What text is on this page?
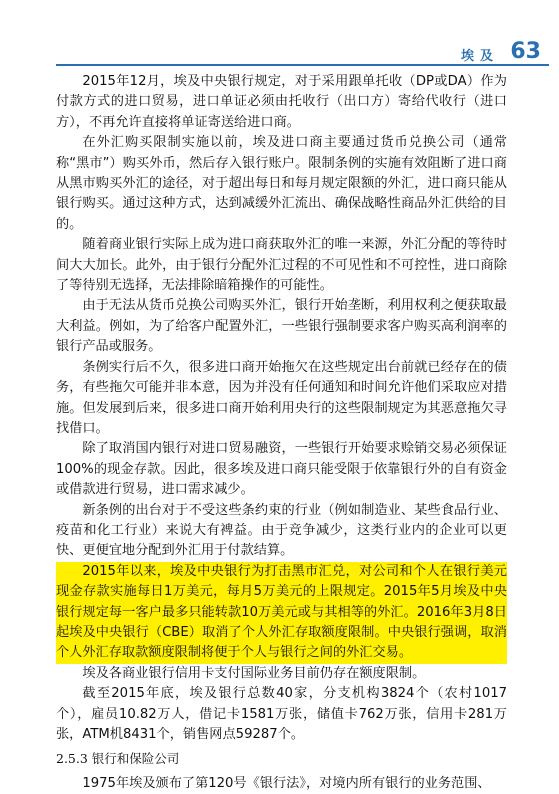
埃及 63

2015年12月，埃及中央银行规定，对于采用跟单托收（DP或DA）作为付款方式的进口贸易，进口单证必须由托收行（出口方）寄给代收行（进口方），不再允许直接将单证寄送给进口商。

在外汇购买限制实施以前，埃及进口商主要通过货币兑换公司（通常称“黑市”）购买外币，然后存入银行账户。限制条例的实施有效阻断了进口商从黑市购买外汇的途径，对于超出每日和每月规定限额的外汇，进口商只能从银行购买。通过这种方式，达到减缓外汇流出、确保战略性商品外汇供给的目的。

随着商业银行实际上成为进口商获取外汇的唯一来源，外汇分配的等待时间大大加长。此外，由于银行分配外汇过程的不可见性和不可控性，进口商除了等待别无选择，无法排除暗箱操作的可能性。

由于无法从货币兑换公司购买外汇，银行开始垄断，利用权利之便获取最大利益。例如，为了给客户配置外汇，一些银行强制要求客户购买高利润率的银行产品或服务。

条例实行后不久，很多进口商开始拖欠在这些规定出台前就已经存在的债务，有些拖欠可能并非本意，因为并没有任何通知和时间允许他们采取应对措施。但发展到后来，很多进口商开始利用央行的这些限制规定为其恶意拖欠寻找借口。

除了取消国内银行对进口贸易融资，一些银行开始要求赊销交易必须保证100%的现金存款。因此，很多埃及进口商只能受限于依靠银行外的自有资金或借款进行贸易，进口需求减少。

新条例的出台对于不受这些条约束的行业（例如制造业、某些食品行业、疫苗和化工行业）来说大有裨益。由于竞争减少，这类行业内的企业可以更快、更便宜地分配到外汇用于付款结算。

2015年以来，埃及中央银行为打击黑市汇兑，对公司和个人在银行美元现金存款实施每日1万美元，每月5万美元的上限规定。2015年5月埃及中央银行规定每一客户最多只能转款10万美元或与其相等的外汇。2016年3月8日起埃及中央银行（CBE）取消了个人外汇存取额度限制。中央银行强调，取消个人外汇存取款额度限制将便于个人与银行之间的外汇交易。

埃及各商业银行信用卡支付国际业务目前仍存在额度限制。

截至2015年底，埃及银行总数40家，分支机构3824个（农村1017个），雇员10.82万人，借记卡1581万张，储值卡762万张，信用卡281万张，ATM机8431个，销售网点59287个。

2.5.3 银行和保险公司

1975年埃及颁布了第120号《银行法》，对境内所有银行的业务范围、
